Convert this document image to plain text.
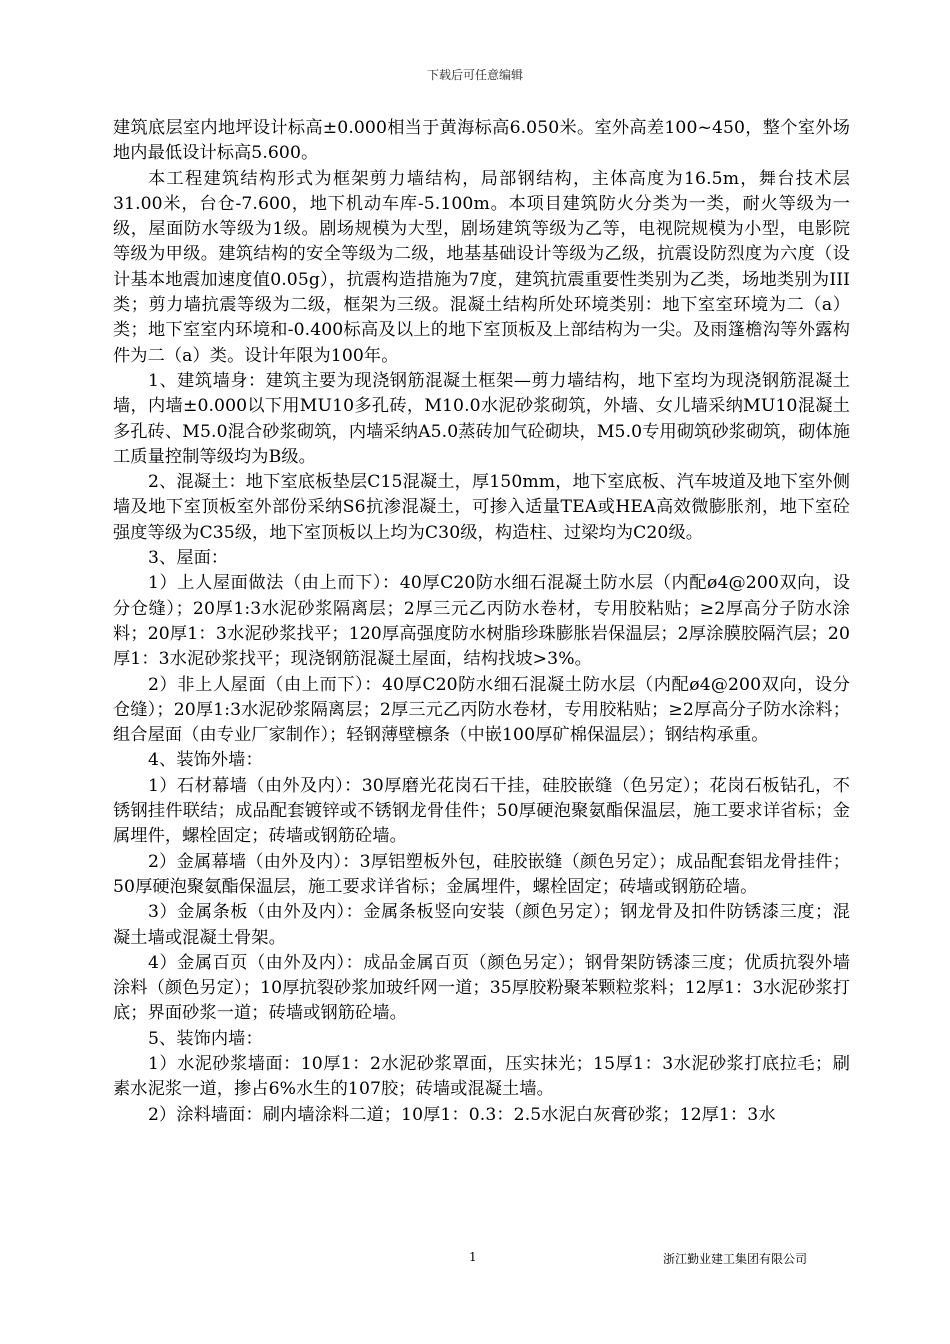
下载后可任意编辑

建筑底层室内地坪设计标高±0.000相当于黄海标高6.050米。室外高差100~450，整个室外场地内最低设计标高5.600。

本工程建筑结构形式为框架剪力墙结构，局部钢结构，主体高度为16.5m，舞台技术层31.00米，台仓-7.600，地下机动车库-5.100m。本项目建筑防火分类为一类，耐火等级为一级，屋面防水等级为1级。剧场规模为大型，剧场建筑等级为乙等，电视院规模为小型，电影院等级为甲级。建筑结构的安全等级为二级，地基基础设计等级为乙级，抗震设防烈度为六度（设计基本地震加速度值0.05g），抗震构造措施为7度，建筑抗震重要性类别为乙类，场地类别为III类；剪力墙抗震等级为二级，框架为三级。混凝土结构所处环境类别：地下室室环境为二（a）类；地下室室内环境和-0.400标高及以上的地下室顶板及上部结构为一尖。及雨篷檐沟等外露构件为二（a）类。设计年限为100年。

1、建筑墙身：建筑主要为现浇钢筋混凝土框架—剪力墙结构，地下室均为现浇钢筋混凝土墙，内墙±0.000以下用MU10多孔砖，M10.0水泥砂浆砌筑，外墙、女儿墙采纳MU10混凝土多孔砖、M5.0混合砂浆砌筑，内墙采纳A5.0蒸砖加气砼砌块，M5.0专用砌筑砂浆砌筑，砌体施工质量控制等级均为B级。

2、混凝土：地下室底板垫层C15混凝土，厚150mm，地下室底板、汽车坡道及地下室外侧墙及地下室顶板室外部份采纳S6抗渗混凝土，可掺入适量TEA或HEA高效微膨胀剂，地下室砼强度等级为C35级，地下室顶板以上均为C30级，构造柱、过梁均为C20级。

3、屋面：

1）上人屋面做法（由上而下）：40厚C20防水细石混凝土防水层（内配ø4@200双向，设分仓缝）；20厚1:3水泥砂浆隔离层；2厚三元乙丙防水卷材，专用胶粘贴；≥2厚高分子防水涂料；20厚1：3水泥砂浆找平；120厚高强度防水树脂珍珠膨胀岩保温层；2厚涂膜胶隔汽层；20厚1：3水泥砂浆找平；现浇钢筋混凝土屋面，结构找坡>3%。

2）非上人屋面（由上而下）：40厚C20防水细石混凝土防水层（内配ø4@200双向，设分仓缝）；20厚1:3水泥砂浆隔离层；2厚三元乙丙防水卷材，专用胶粘贴；≥2厚高分子防水涂料；组合屋面（由专业厂家制作）；轻钢薄壁檩条（中嵌100厚矿棉保温层）；钢结构承重。

4、装饰外墙：

1）石材幕墙（由外及内）：30厚磨光花岗石干挂，硅胶嵌缝（色另定）；花岗石板钻孔，不锈钢挂件联结；成品配套镀锌或不锈钢龙骨佳件；50厚硬泡聚氨酯保温层，施工要求详省标；金属埋件，螺栓固定；砖墙或钢筋砼墙。

2）金属幕墙（由外及内）：3厚铝塑板外包，硅胶嵌缝（颜色另定）；成品配套铝龙骨挂件；50厚硬泡聚氨酯保温层，施工要求详省标；金属埋件，螺栓固定；砖墙或钢筋砼墙。

3）金属条板（由外及内）：金属条板竖向安装（颜色另定）；钢龙骨及扣件防锈漆三度；混凝土墙或混凝土骨架。

4）金属百页（由外及内）：成品金属百页（颜色另定）；钢骨架防锈漆三度；优质抗裂外墙涂料（颜色另定）；10厚抗裂砂浆加玻纤网一道；35厚胶粉聚苯颗粒浆料；12厚1：3水泥砂浆打底；界面砂浆一道；砖墙或钢筋砼墙。

5、装饰内墙：

1）水泥砂浆墙面：10厚1：2水泥砂浆罩面，压实抹光；15厚1：3水泥砂浆打底拉毛；刷素水泥浆一道，掺占6%水生的107胶；砖墙或混凝土墙。

2）涂料墙面：刷内墙涂料二道；10厚1：0.3：2.5水泥白灰膏砂浆；12厚1：3水

1	浙江勤业建工集团有限公司
